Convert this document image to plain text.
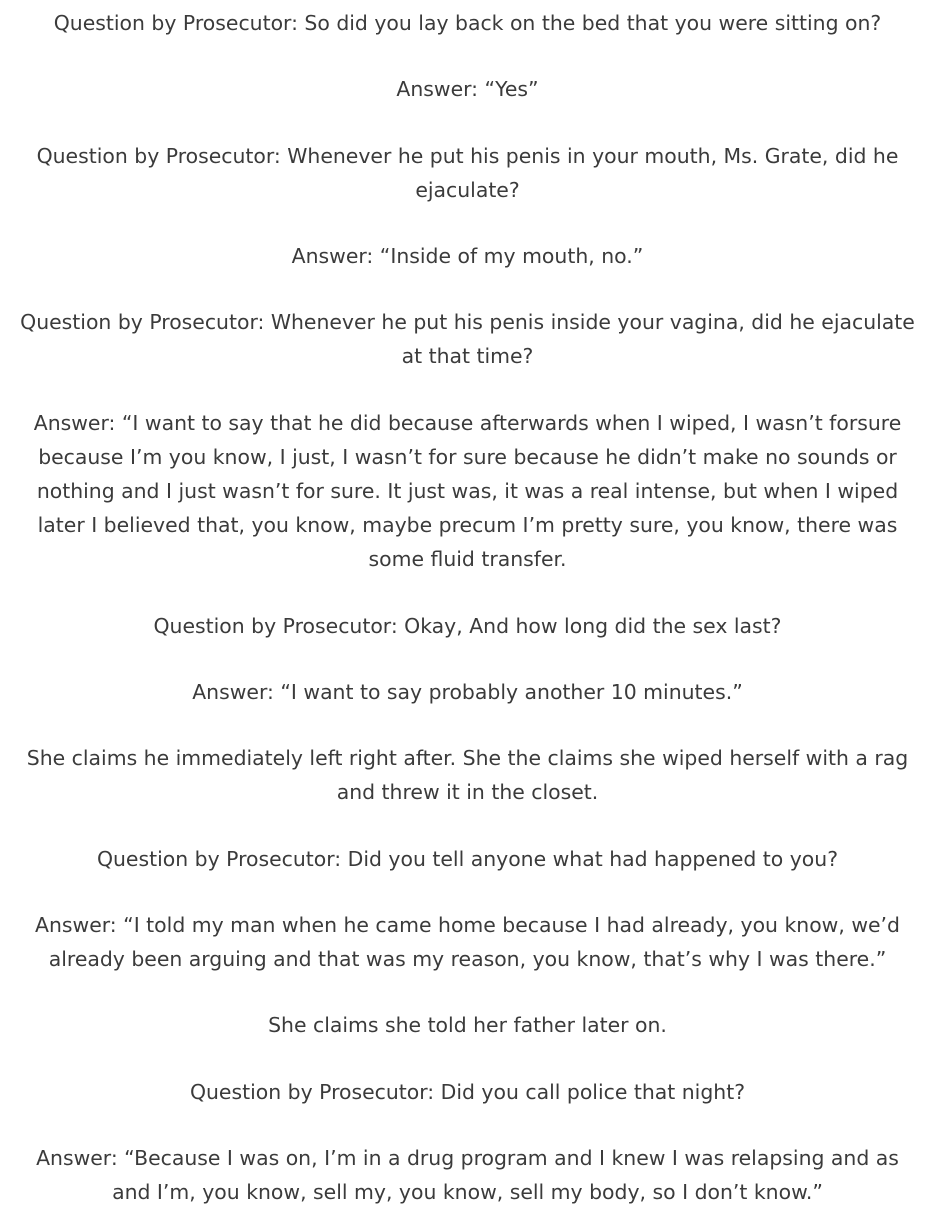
Question by Prosecutor: So did you lay back on the bed that you were sitting on?

Answer: “Yes”

Question by Prosecutor: Whenever he put his penis in your mouth, Ms. Grate, did he ejaculate?

Answer: “Inside of my mouth, no.”

Question by Prosecutor: Whenever he put his penis inside your vagina, did he ejaculate at that time?

Answer: “I want to say that he did because afterwards when I wiped, I wasn’t forsure because I’m you know, I just, I wasn’t for sure because he didn’t make no sounds or nothing and I just wasn’t for sure. It just was, it was a real intense, but when I wiped later I believed that, you know, maybe precum I’m pretty sure, you know, there was some fluid transfer.

Question by Prosecutor: Okay, And how long did the sex last?

Answer: “I want to say probably another 10 minutes.”

She claims he immediately left right after. She the claims she wiped herself with a rag and threw it in the closet.

Question by Prosecutor: Did you tell anyone what had happened to you?

Answer: “I told my man when he came home because I had already, you know, we’d already been arguing and that was my reason, you know, that’s why I was there.”

She claims she told her father later on.

Question by Prosecutor: Did you call police that night?

Answer: “Because I was on, I’m in a drug program and I knew I was relapsing and as and I’m, you know, sell my, you know, sell my body, so I don’t know.”
